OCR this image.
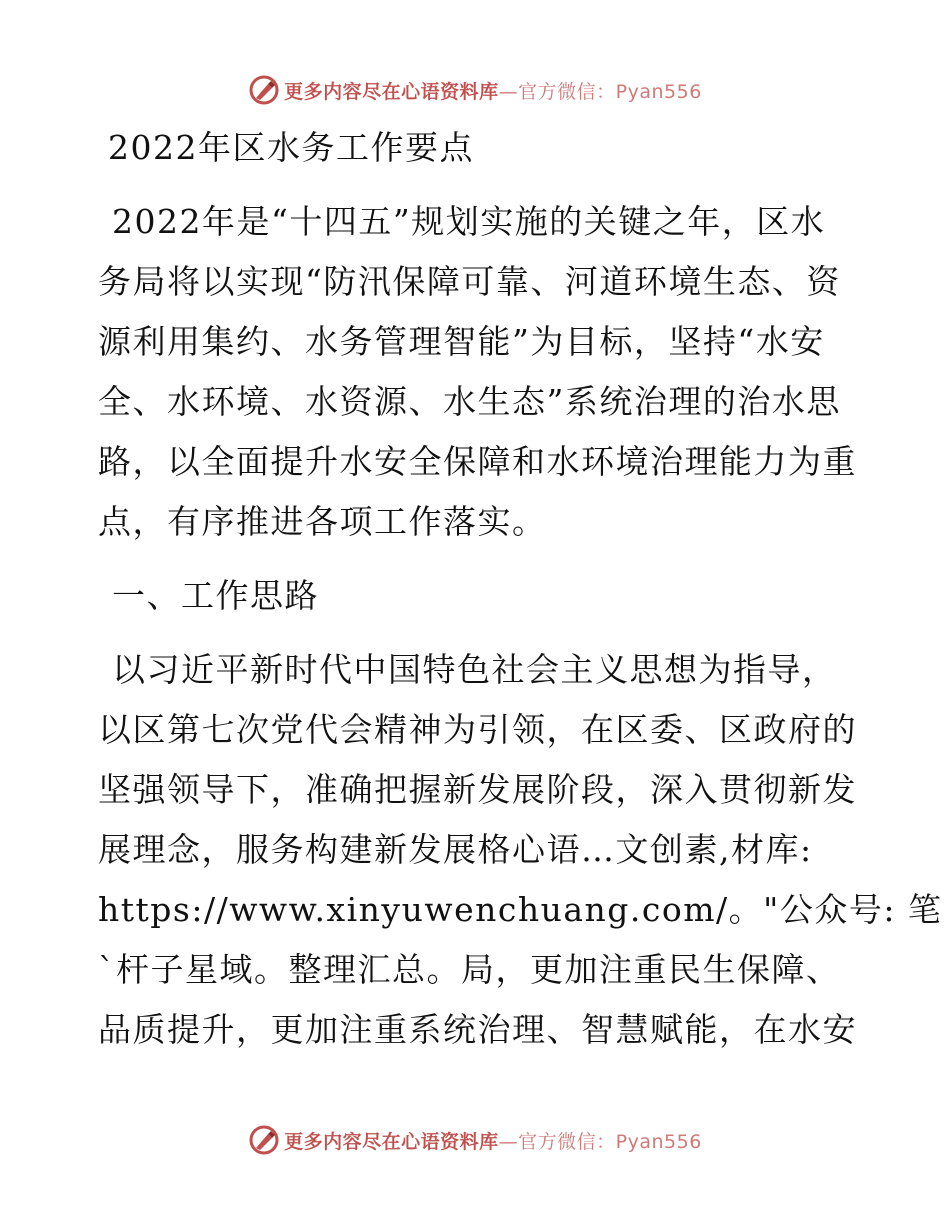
更多内容尽在心语资料库—官方微信：Pyan556
2022年区水务工作要点
2022年是“十四五”规划实施的关键之年，区水
务局将以实现“防汛保障可靠、河道环境生态、资
源利用集约、水务管理智能”为目标，坚持“水安
全、水环境、水资源、水生态”系统治理的治水思
路，以全面提升水安全保障和水环境治理能力为重
点，有序推进各项工作落实。
一、工作思路
以习近平新时代中国特色社会主义思想为指导，
以区第七次党代会精神为引领，在区委、区政府的
坚强领导下，准确把握新发展阶段，深入贯彻新发
展理念，服务构建新发展格心语…文创素,材库:
https://www.xinyuwenchuang.com/。"公众号: 笔
`杆子星域。整理汇总。局，更加注重民生保障、
品质提升，更加注重系统治理、智慧赋能，在水安
更多内容尽在心语资料库—官方微信：Pyan556
